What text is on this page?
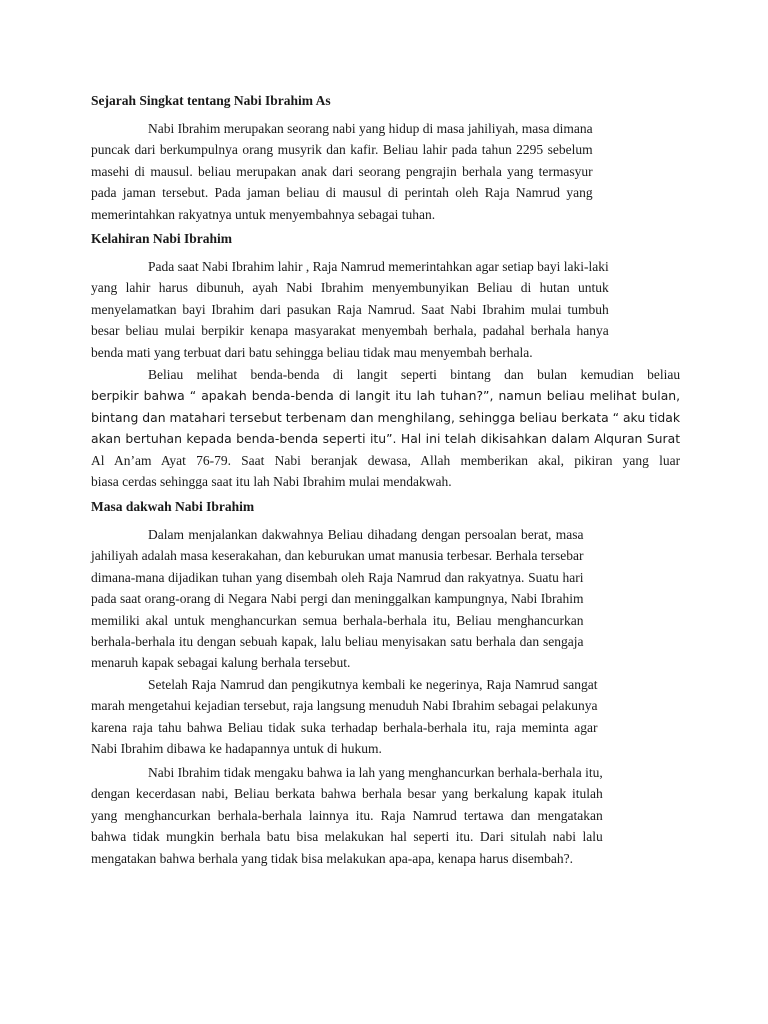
Sejarah Singkat tentang Nabi Ibrahim As

Nabi Ibrahim merupakan seorang nabi yang hidup di masa jahiliyah, masa dimana
puncak dari berkumpulnya orang musyrik dan kafir. Beliau lahir pada tahun 2295 sebelum
masehi di mausul. beliau merupakan anak dari seorang pengrajin berhala yang termasyur
pada jaman tersebut. Pada jaman beliau di mausul di perintah oleh Raja Namrud yang
memerintahkan rakyatnya untuk menyembahnya sebagai tuhan.

Kelahiran Nabi Ibrahim

Pada saat Nabi Ibrahim lahir , Raja Namrud memerintahkan agar setiap bayi laki-laki
yang lahir harus dibunuh, ayah Nabi Ibrahim menyembunyikan Beliau di hutan untuk
menyelamatkan bayi Ibrahim dari pasukan Raja Namrud. Saat Nabi Ibrahim mulai tumbuh
besar beliau mulai berpikir kenapa masyarakat menyembah berhala, padahal berhala hanya
benda mati yang terbuat dari batu sehingga beliau tidak mau menyembah berhala.
Beliau melihat benda-benda di langit seperti bintang dan bulan kemudian beliau
berpikir bahwa “ apakah benda-benda di langit itu lah tuhan?”, namun beliau melihat bulan,
bintang dan matahari tersebut terbenam dan menghilang, sehingga beliau berkata “ aku tidak
akan bertuhan kepada benda-benda seperti itu”. Hal ini telah dikisahkan dalam Alquran Surat
Al An’am Ayat 76-79. Saat Nabi beranjak dewasa, Allah memberikan akal, pikiran yang luar
biasa cerdas sehingga saat itu lah Nabi Ibrahim mulai mendakwah.

Masa dakwah Nabi Ibrahim

Dalam menjalankan dakwahnya Beliau dihadang dengan persoalan berat, masa
jahiliyah adalah masa keserakahan, dan keburukan umat manusia terbesar. Berhala tersebar
dimana-mana dijadikan tuhan yang disembah oleh Raja Namrud dan rakyatnya. Suatu hari
pada saat orang-orang di Negara Nabi pergi dan meninggalkan kampungnya, Nabi Ibrahim
memiliki akal untuk menghancurkan semua berhala-berhala itu, Beliau menghancurkan
berhala-berhala itu dengan sebuah kapak, lalu beliau menyisakan satu berhala dan sengaja
menaruh kapak sebagai kalung berhala tersebut.
Setelah Raja Namrud dan pengikutnya kembali ke negerinya, Raja Namrud sangat
marah mengetahui kejadian tersebut, raja langsung menuduh Nabi Ibrahim sebagai pelakunya
karena raja tahu bahwa Beliau tidak suka terhadap berhala-berhala itu, raja meminta agar
Nabi Ibrahim dibawa ke hadapannya untuk di hukum.
Nabi Ibrahim tidak mengaku bahwa ia lah yang menghancurkan berhala-berhala itu,
dengan kecerdasan nabi, Beliau berkata bahwa berhala besar yang berkalung kapak itulah
yang menghancurkan berhala-berhala lainnya itu. Raja Namrud tertawa dan mengatakan
bahwa tidak mungkin berhala batu bisa melakukan hal seperti itu. Dari situlah nabi lalu
mengatakan bahwa berhala yang tidak bisa melakukan apa-apa, kenapa harus disembah?.
